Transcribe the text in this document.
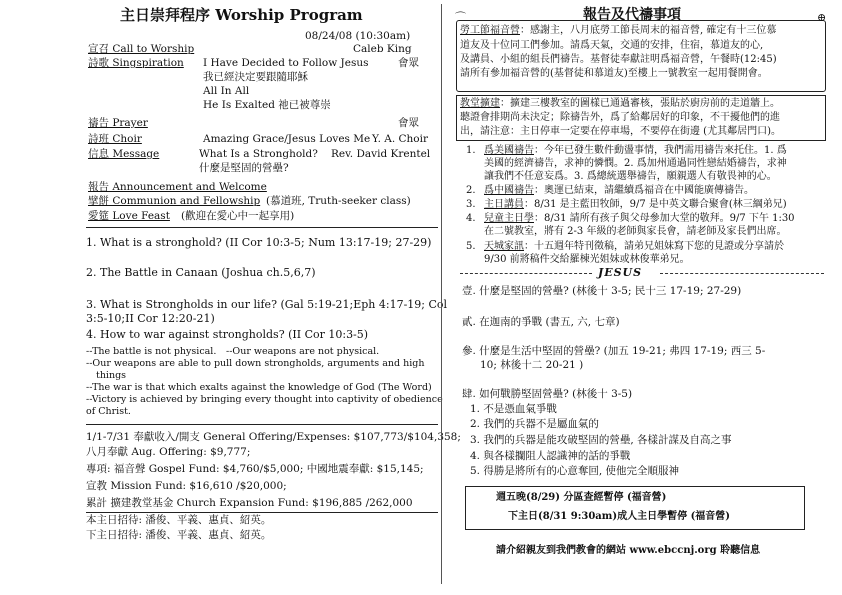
主日崇拜程序 Worship Program
08/24/08 (10:30am)
宣召 Call to Worship	Caleb King
詩歌 Singspiration I Have Decided to Follow Jesus	會眾
我已經決定要跟隨耶穌
All In All
He Is Exalted 祂已被尊崇
禱告 Prayer	會眾
詩班 Choir	Amazing Grace/Jesus Loves Me Y. A. Choir
信息 Message	What Is a Stronghold? Rev. David Krentel
什麼是堅固的營壘?
報告 Announcement and Welcome
擘餅 Communion and Fellowship (慕道班, Truth-seeker class)
愛筵 Love Feast (歡迎在愛心中一起享用)
1. What is a stronghold? (II Cor 10:3-5; Num 13:17-19; 27-29)
2. The Battle in Canaan (Joshua ch.5,6,7)
3. What is Strongholds in our life? (Gal 5:19-21;Eph 4:17-19; Col
3:5-10;II Cor 12:20-21)
4. How to war against strongholds? (II Cor 10:3-5)
--The battle is not physical. --Our weapons are not physical.
--Our weapons are able to pull down strongholds, arguments and high
things
--The war is that which exalts against the knowledge of God (The Word)
--Victory is achieved by bringing every thought into captivity of obedience
of Christ.
1/1-7/31 奉獻收入/開支 General Offering/Expenses: $107,773/$104,358;
八月奉獻 Aug. Offering: $9,777;
專項: 福音聲 Gospel Fund: $4,760/$5,000; 中國地震奉獻: $15,145;
宣教 Mission Fund: $16,610 /$20,000;
累計 擴建教堂基金 Church Expansion Fund: $196,885 /262,000
本主日招待: 潘俊、平義、惠貞、紹英。
下主日招待: 潘俊、平義、惠貞、紹英。
報告及代禱事項
⌒	⊕
勞工節福音營：感謝主，八月底勞工節長周末的福音營, 確定有十三位慕
道友及十位同工們參加。請爲天氣，交通的安排，住宿，慕道友的心,
及講員、小組的組長們禱告。基督徒奉獻註明爲福音營，午餐時(12:45)
請所有參加福音營的(基督徒和慕道友)至樓上一號教室一起用餐開會。
教堂擴建：擴建三樓教室的圖樣已通過審核，張貼於廚房前的走道牆上。
聽證會排期尚未決定；除禱告外，爲了給鄰居好的印象，不干擾他們的進
出，請注意：主日停車一定要在停車場，不要停在街邊 (尤其鄰居門口)。
1. 爲美國禱告：今年已發生數件動盪事情，我們需用禱告來托住。1. 爲
美國的經濟禱告，求神的憐憫。2. 爲加州通過同性戀結婚禱告，求神
讓我們不任意妄爲。3. 爲總統選舉禱告，願親選人有敬畏神的心。
2. 爲中國禱告：奧運已結束，請繼續爲福音在中國能廣傳禱告。
3. 主日講員：8/31 是主藍田牧師，9/7 是中英文聯合聚會(林三綱弟兄)
4. 兒童主日學：8/31 請所有孩子與父母參加大堂的敬拜。9/7 下午 1:30
在二號教室，將有 2-3 年級的老師與家長會，請老師及家長們出席。
5. 天城家訊：十五週年特刊徵稿，請弟兄姐妹寫下您的見證或分享請於
9/30 前將稿件交給羅棟光姐妹或林俊華弟兄。
JESUS
壹. 什麼是堅固的營壘? (林後十 3-5; 民十三 17-19; 27-29)
貳. 在迦南的爭戰 (書五, 六, 七章)
參. 什麼是生活中堅固的營壘? (加五 19-21; 弗四 17-19; 西三 5-
10; 林後十二 20-21 )
肆. 如何戰勝堅固營壘? (林後十 3-5)
1. 不是憑血氣爭戰
2. 我們的兵器不是屬血氣的
3. 我們的兵器是能攻破堅固的營壘, 各樣計謀及自高之事
4. 與各樣攔阻人認識神的話的爭戰
5. 得勝是將所有的心意奪回, 使他完全順服神
週五晚(8/29) 分區查經暫停 (福音營)
下主日(8/31 9:30am)成人主日學暫停 (福音營)
請介紹親友到我們教會的網站 www.ebccnj.org 聆聽信息
